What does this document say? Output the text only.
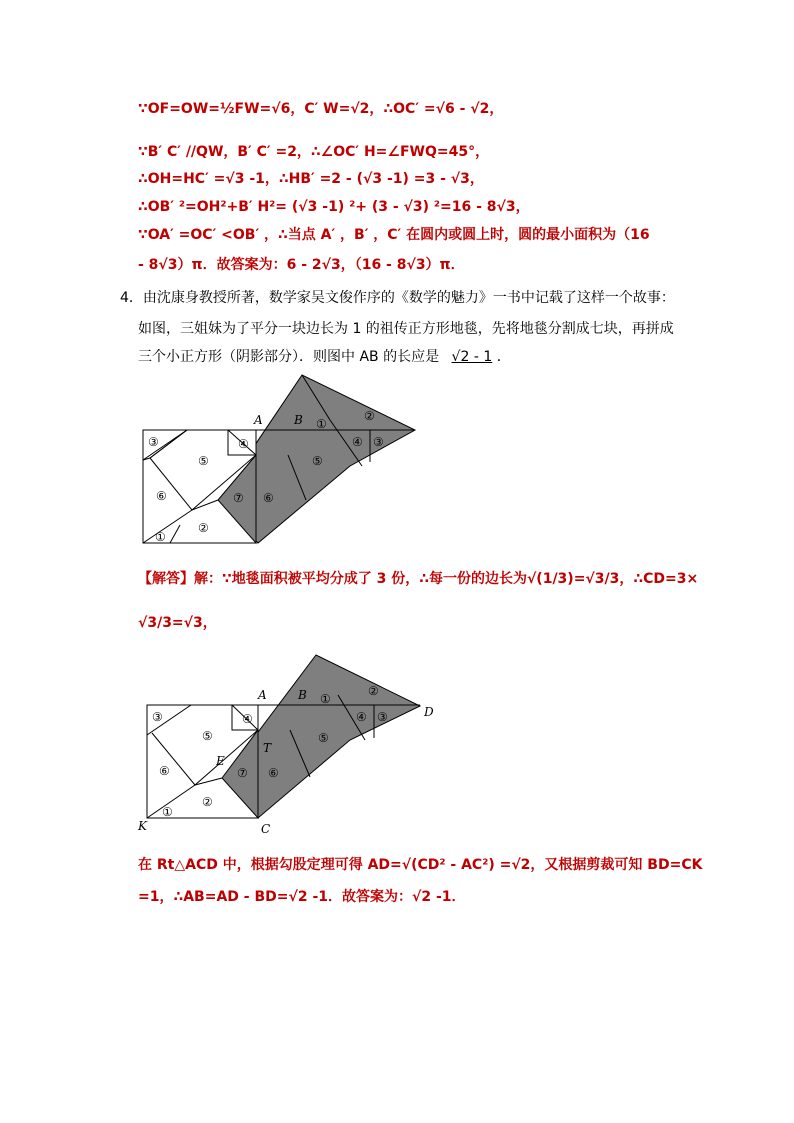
∵OF=OW=½FW=√6，C′ W=√2，∴OC′ =√6 - √2，
∵B′ C′ //QW，B′ C′ =2，∴∠OC′ H=∠FWQ=45°，
∴OH=HC′ =√3 -1，∴HB′ =2 - (√3 -1) =3 - √3，
∴OB′ ²=OH²+B′ H²= (√3 -1) ²+ (3 - √3) ²=16 - 8√3，
∵OA′ =OC′ <OB′ ，∴当点 A′ ，B′ ，C′ 在圆内或圆上时，圆的最小面积为（16
- 8√3）π．故答案为：6 - 2√3，（16 - 8√3）π．
4．由沈康身教授所著，数学家吴文俊作序的《数学的魅力》一书中记载了这样一个故事：
如图，三姐妹为了平分一块边长为 1 的祖传正方形地毯，先将地毯分割成七块，再拼成
三个小正方形（阴影部分）．则图中 AB 的长应是 √2 - 1 ．
A	B
③
⑤
④
⑥
②
①
⑦ ⑥
⑤
①
②
④ ③
【解答】解：∵地毯面积被平均分成了 3 份，∴每一份的边长为√(1/3)=√3/3，∴CD=3×
√3/3=√3，
A	B
D
E
T
K	C
③
⑤
④
⑥
②
①
⑦ ⑥
⑤
①
②
④ ③
在 Rt△ACD 中，根据勾股定理可得 AD=√(CD² - AC²) =√2，又根据剪裁可知 BD=CK
=1，∴AB=AD - BD=√2 -1．故答案为：√2 -1．
